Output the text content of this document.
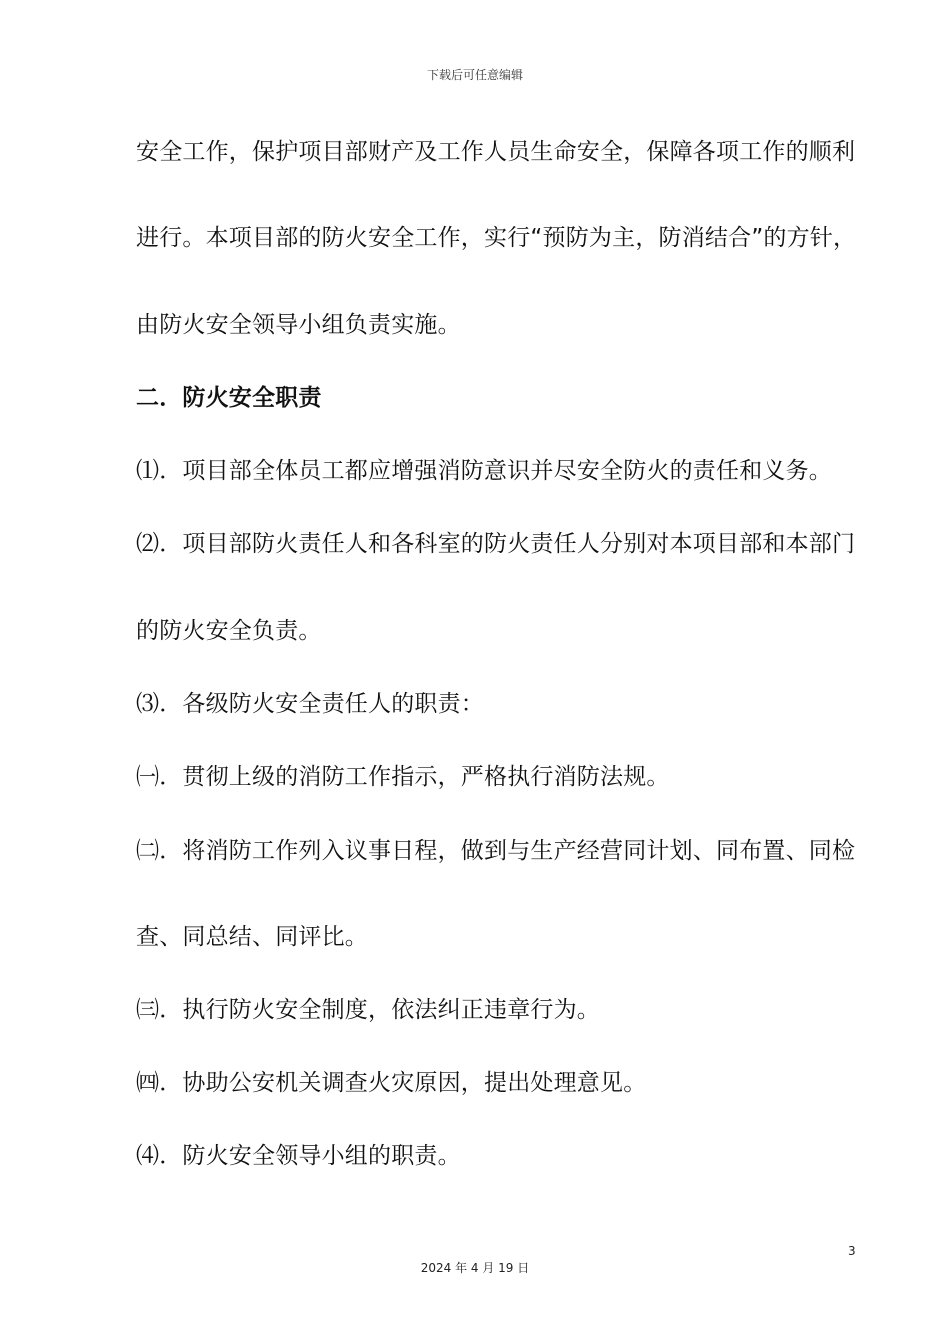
下载后可任意编辑
安全工作，保护项目部财产及工作人员生命安全，保障各项工作的顺利
进行。本项目部的防火安全工作，实行“预防为主，防消结合”的方针，
由防火安全领导小组负责实施。
二．防火安全职责
⑴．项目部全体员工都应增强消防意识并尽安全防火的责任和义务。
⑵．项目部防火责任人和各科室的防火责任人分别对本项目部和本部门
的防火安全负责。
⑶．各级防火安全责任人的职责：
㈠．贯彻上级的消防工作指示，严格执行消防法规。
㈡．将消防工作列入议事日程，做到与生产经营同计划、同布置、同检
查、同总结、同评比。
㈢．执行防火安全制度，依法纠正违章行为。
㈣．协助公安机关调查火灾原因，提出处理意见。
⑷．防火安全领导小组的职责。
3
2024 年 4 月 19 日
